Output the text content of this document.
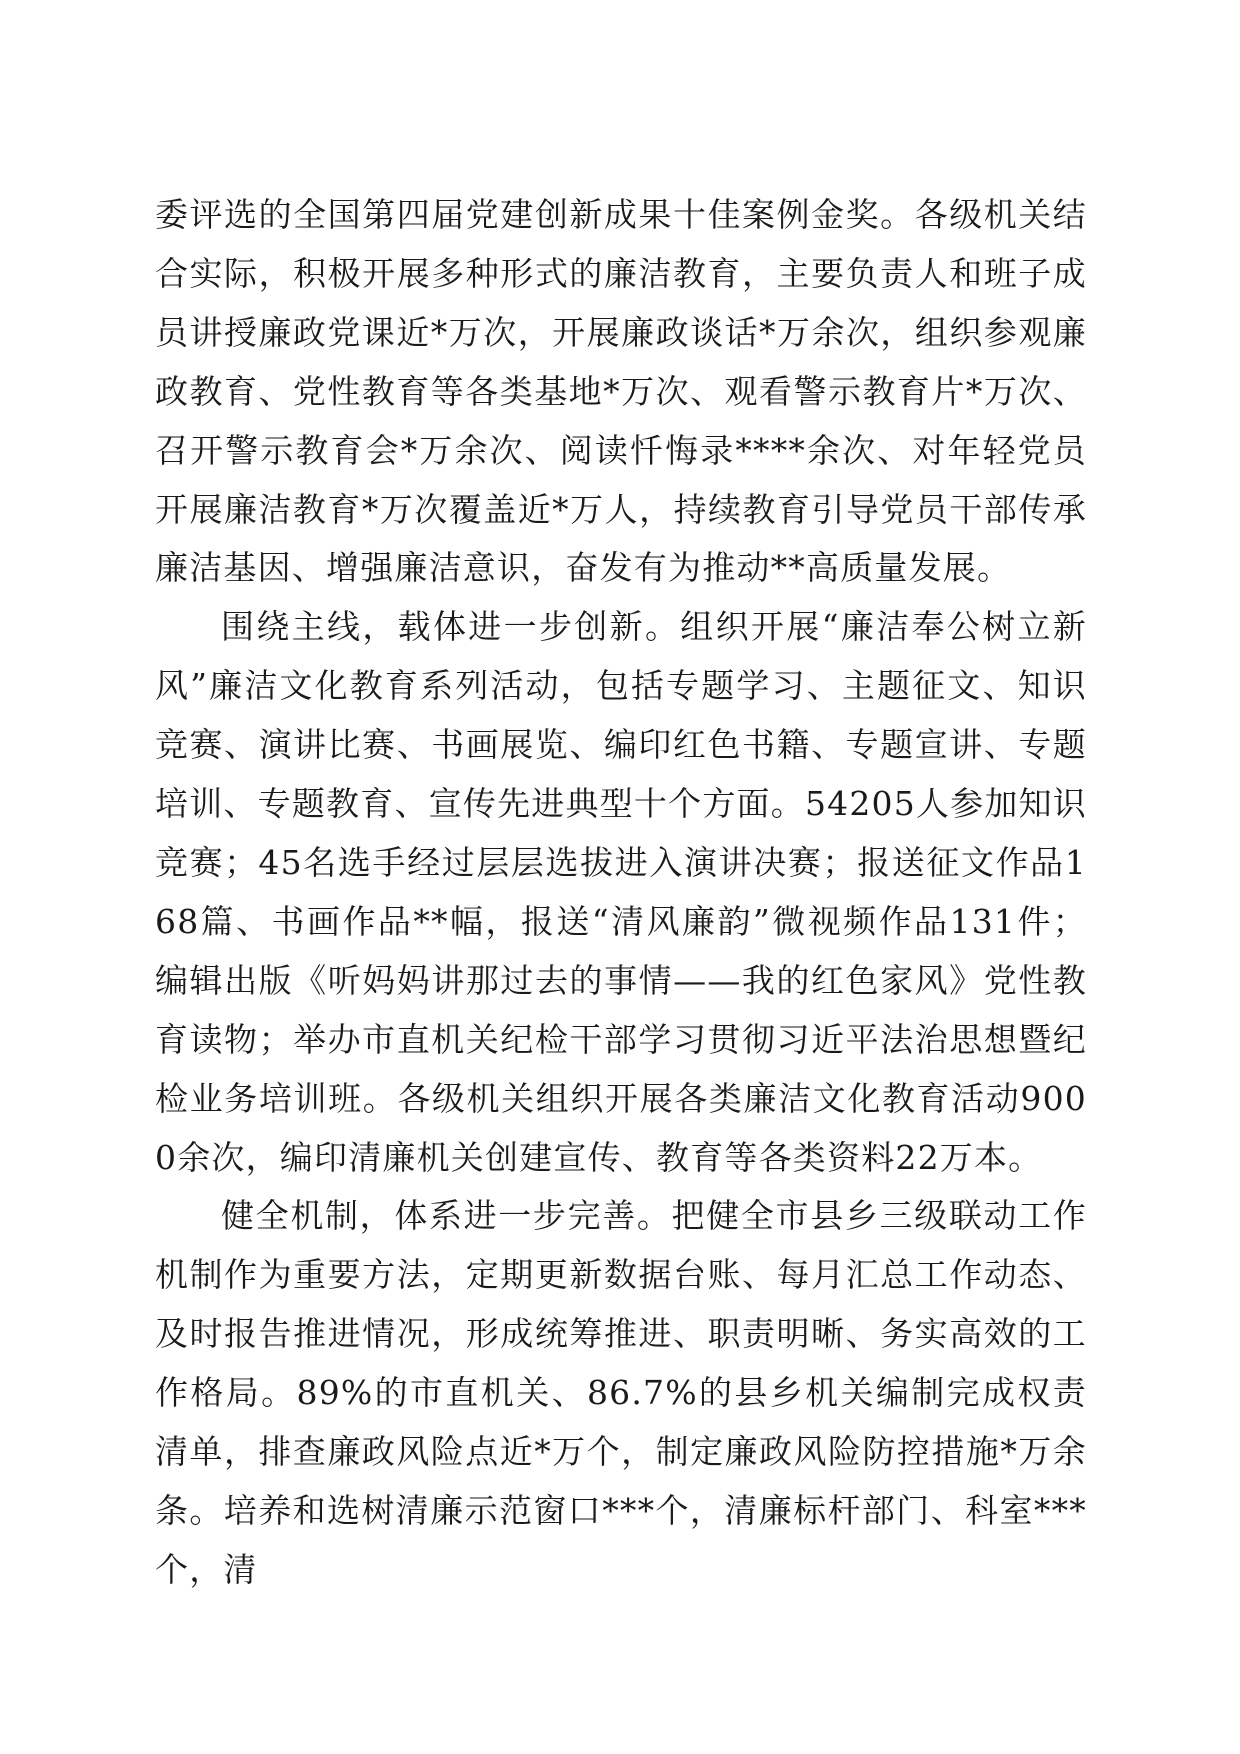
委评选的全国第四届党建创新成果十佳案例金奖。各级机关结合实际，积极开展多种形式的廉洁教育，主要负责人和班子成员讲授廉政党课近*万次，开展廉政谈话*万余次，组织参观廉政教育、党性教育等各类基地*万次、观看警示教育片*万次、召开警示教育会*万余次、阅读忏悔录****余次、对年轻党员开展廉洁教育*万次覆盖近*万人，持续教育引导党员干部传承廉洁基因、增强廉洁意识，奋发有为推动**高质量发展。

围绕主线，载体进一步创新。组织开展“廉洁奉公树立新风”廉洁文化教育系列活动，包括专题学习、主题征文、知识竞赛、演讲比赛、书画展览、编印红色书籍、专题宣讲、专题培训、专题教育、宣传先进典型十个方面。54205人参加知识竞赛；45名选手经过层层选拔进入演讲决赛；报送征文作品168篇、书画作品**幅，报送“清风廉韵”微视频作品131件；编辑出版《听妈妈讲那过去的事情——我的红色家风》党性教育读物；举办市直机关纪检干部学习贯彻习近平法治思想暨纪检业务培训班。各级机关组织开展各类廉洁文化教育活动9000余次，编印清廉机关创建宣传、教育等各类资料22万本。

健全机制，体系进一步完善。把健全市县乡三级联动工作机制作为重要方法，定期更新数据台账、每月汇总工作动态、及时报告推进情况，形成统筹推进、职责明晰、务实高效的工作格局。89%的市直机关、86.7%的县乡机关编制完成权责清单，排查廉政风险点近*万个，制定廉政风险防控措施*万余条。培养和选树清廉示范窗口***个，清廉标杆部门、科室***个，清
